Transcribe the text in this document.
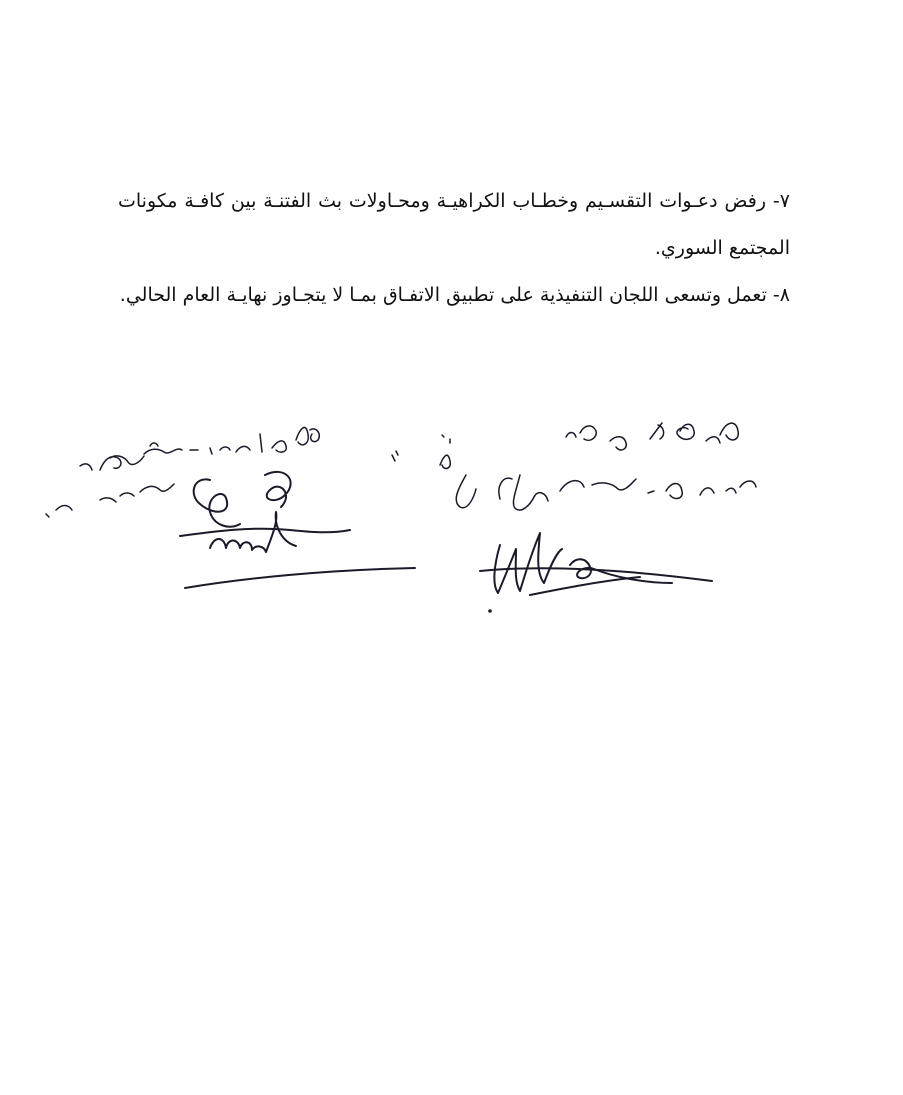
٧- رفض دعـوات التقسـيم وخطـاب الكراهيـة ومحـاولات بث الفتنـة بين كافـة مكونات المجتمع السوري.

٨- تعمل وتسعى اللجان التنفيذية على تطبيق الاتفـاق بمـا لا يتجـاوز نهايـة العام الحالي.
